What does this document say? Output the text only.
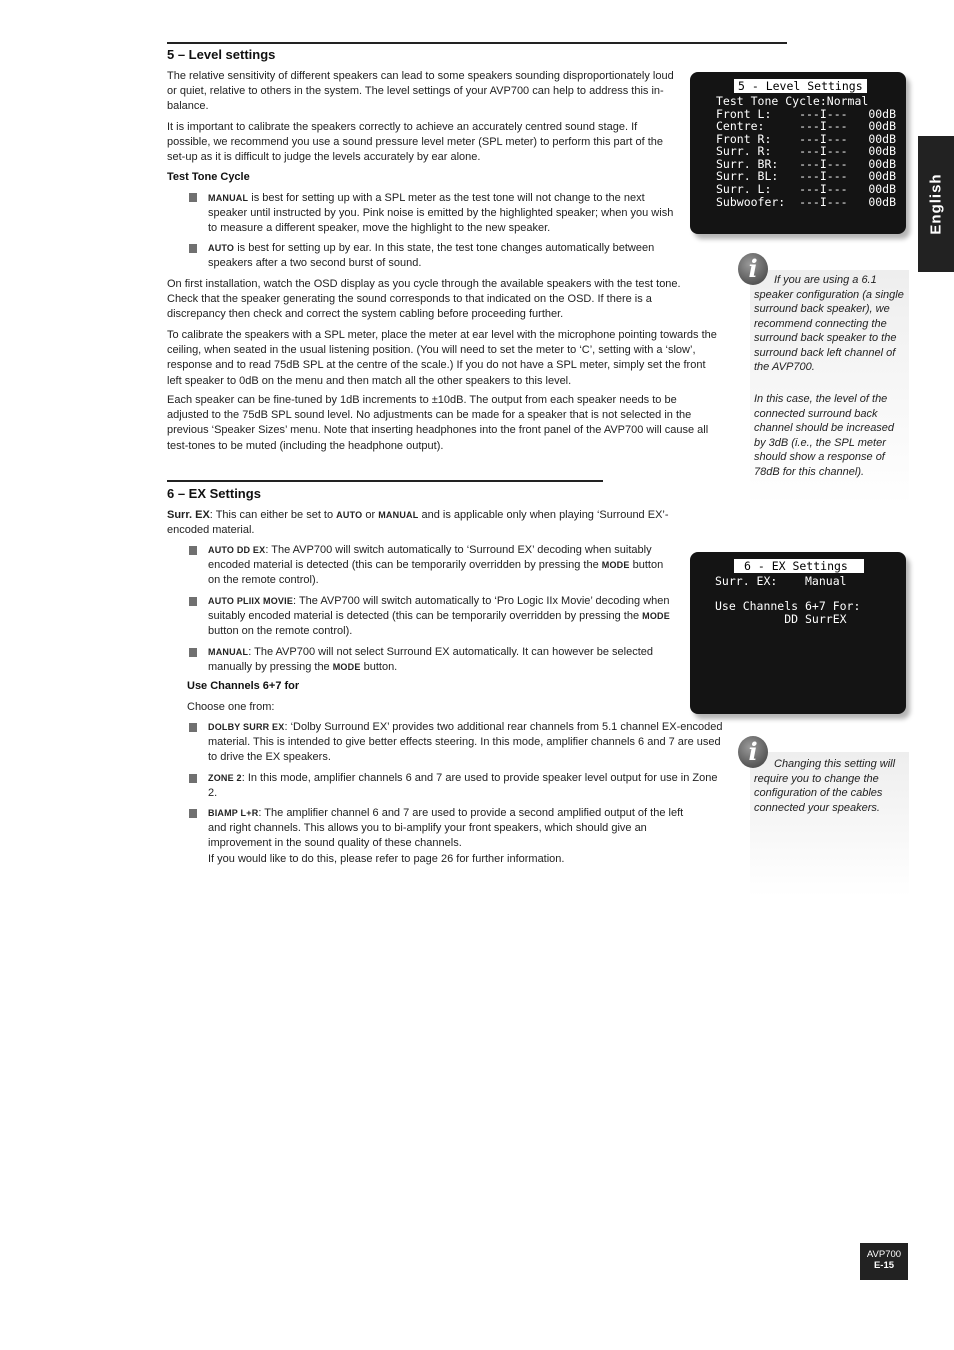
5 – Level settings

The relative sensitivity of different speakers can lead to some speakers sounding disproportionately loud or quiet, relative to others in the system. The level settings of your AVP700 can help to address this in-balance.

It is important to calibrate the speakers correctly to achieve an accurately centred sound stage. If possible, we recommend you use a sound pressure level meter (SPL meter) to perform this part of the set-up as it is difficult to judge the levels accurately by ear alone.

Test Tone Cycle

MANUAL is best for setting up with a SPL meter as the test tone will not change to the next speaker until instructed by you. Pink noise is emitted by the highlighted speaker; when you wish to measure a different speaker, move the highlight to the new speaker.

AUTO is best for setting up by ear. In this state, the test tone changes automatically between speakers after a two second burst of sound.

On first installation, watch the OSD display as you cycle through the available speakers with the test tone. Check that the speaker generating the sound corresponds to that indicated on the OSD. If there is a discrepancy then check and correct the system cabling before proceeding further.

To calibrate the speakers with a SPL meter, place the meter at ear level with the microphone pointing towards the ceiling, when seated in the usual listening position. (You will need to set the meter to ‘C’, setting with a ‘slow’, response and to read 75dB SPL at the centre of the scale.) If you do not have a SPL meter, simply set the front left speaker to 0dB on the menu and then match all the other speakers to this level.

Each speaker can be fine-tuned by 1dB increments to ±10dB. The output from each speaker needs to be adjusted to the 75dB SPL sound level. No adjustments can be made for a speaker that is not selected in the previous ‘Speaker Sizes’ menu. Note that inserting headphones into the front panel of the AVP700 will cause all test-tones to be muted (including the headphone output).

5 - Level Settings
Test Tone Cycle:Normal
Front L:    ---I---   00dB
Centre:     ---I---   00dB
Front R:    ---I---   00dB
Surr. R:    ---I---   00dB
Surr. BR:   ---I---   00dB
Surr. BL:   ---I---   00dB
Surr. L:    ---I---   00dB
Subwoofer:  ---I---   00dB English

If you are using a 6.1 speaker configuration (a single surround back speaker), we recommend connecting the surround back speaker to the surround back left channel of the AVP700.

In this case, the level of the connected surround back channel should be increased by 3dB (i.e., the SPL meter should show a response of 78dB for this channel).

i
6 – EX Settings

Surr. EX: This can either be set to AUTO or MANUAL and is applicable only when playing ‘Surround EX’-encoded material.

AUTO DD EX: The AVP700 will switch automatically to ‘Surround EX’ decoding when suitably encoded material is detected (this can be temporarily overridden by pressing the MODE button on the remote control).

AUTO PLIIX MOVIE: The AVP700 will switch automatically to ‘Pro Logic IIx Movie’ decoding when suitably encoded material is detected (this can be temporarily overridden by pressing the MODE button on the remote control).

MANUAL: The AVP700 will not select Surround EX automatically. It can however be selected manually by pressing the MODE button.

Use Channels 6+7 for

Choose one from:

DOLBY SURR EX: ‘Dolby Surround EX’ provides two additional rear channels from 5.1 channel EX-encoded material. This is intended to give better effects steering. In this mode, amplifier channels 6 and 7 are used to drive the EX speakers.

ZONE 2: In this mode, amplifier channels 6 and 7 are used to provide speaker level output for use in Zone 2.

BIAMP L+R: The amplifier channel 6 and 7 are used to provide a second amplified output of the left and right channels. This allows you to bi-amplify your front speakers, which should give an improvement in the sound quality of these channels.
If you would like to do this, please refer to page 26 for further information.

6 - EX Settings
Surr. EX:    Manual
Use Channels 6+7 For:
DD SurrEX

Changing this setting will require you to change the configuration of the cables connected your speakers.

i
AVP700
E-15
